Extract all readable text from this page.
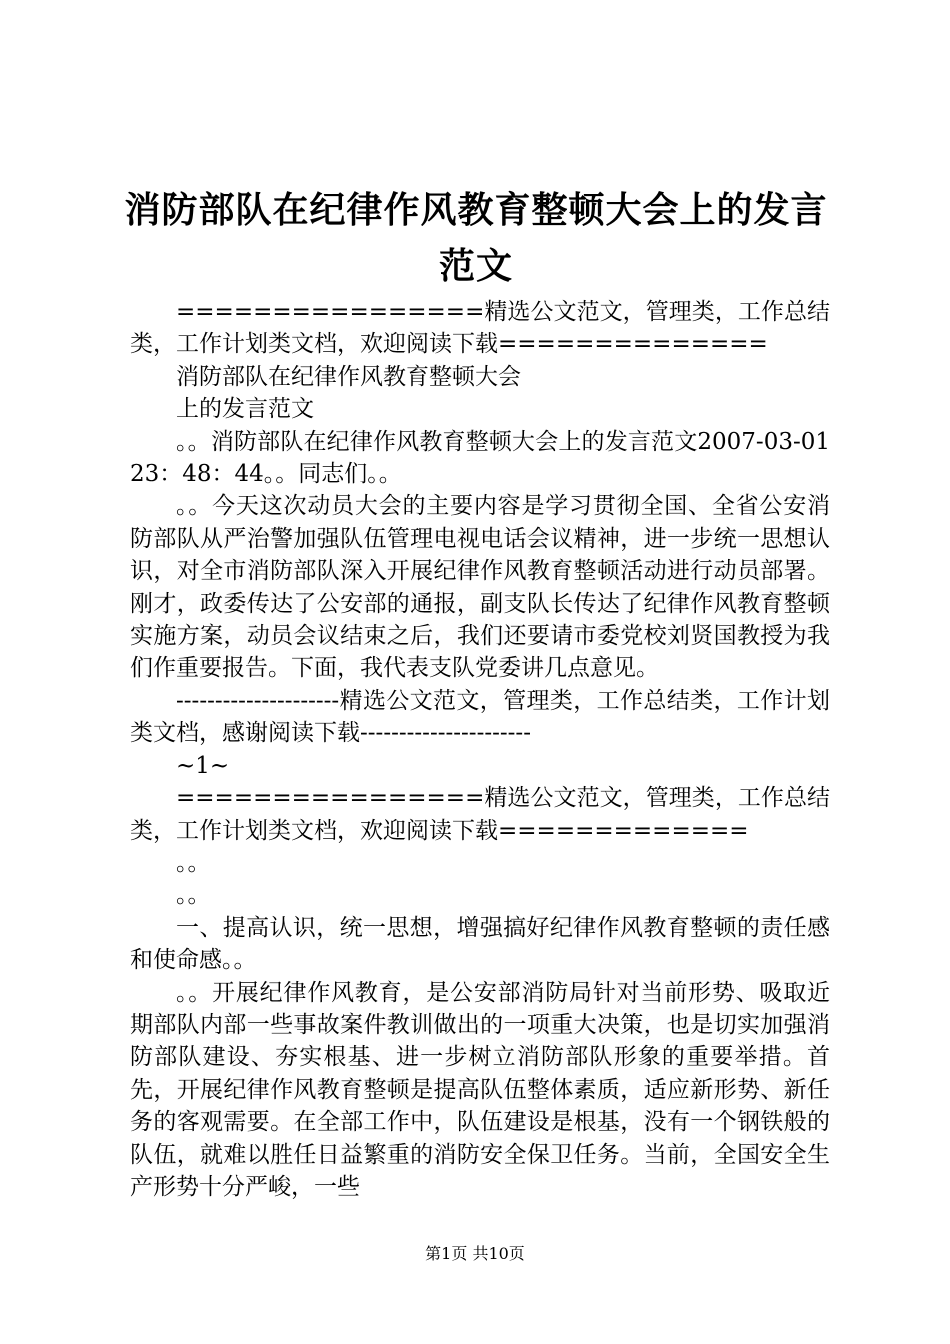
消防部队在纪律作风教育整顿大会上的发言范文

================精选公文范文，管理类，工作总结类，工作计划类文档，欢迎阅读下载==============

消防部队在纪律作风教育整顿大会

上的发言范文

。。消防部队在纪律作风教育整顿大会上的发言范文2007-03-0123：48：44。。同志们。。

。。今天这次动员大会的主要内容是学习贯彻全国、全省公安消防部队从严治警加强队伍管理电视电话会议精神，进一步统一思想认识，对全市消防部队深入开展纪律作风教育整顿活动进行动员部署。刚才，政委传达了公安部的通报，副支队长传达了纪律作风教育整顿实施方案，动员会议结束之后，我们还要请市委党校刘贤国教授为我们作重要报告。下面，我代表支队党委讲几点意见。

---------------------精选公文范文，管理类，工作总结类，工作计划类文档，感谢阅读下载----------------------

~1~

================精选公文范文，管理类，工作总结类，工作计划类文档，欢迎阅读下载=============

。。

。。

一、提高认识，统一思想，增强搞好纪律作风教育整顿的责任感和使命感。。

。。开展纪律作风教育，是公安部消防局针对当前形势、吸取近期部队内部一些事故案件教训做出的一项重大决策，也是切实加强消防部队建设、夯实根基、进一步树立消防部队形象的重要举措。首先，开展纪律作风教育整顿是提高队伍整体素质，适应新形势、新任务的客观需要。在全部工作中，队伍建设是根基，没有一个钢铁般的队伍，就难以胜任日益繁重的消防安全保卫任务。当前，全国安全生产形势十分严峻，一些

第1页 共10页
